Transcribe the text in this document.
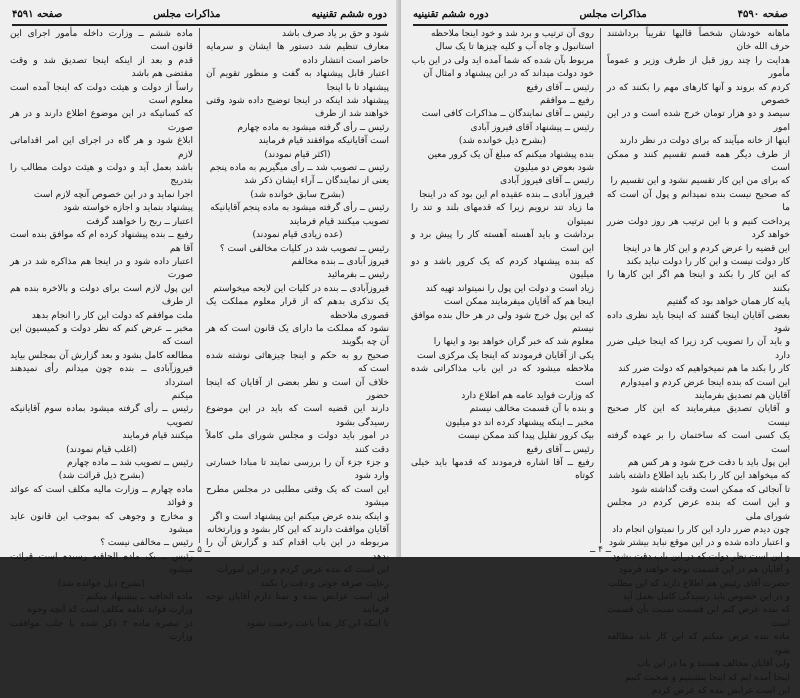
دوره ششم تقنینیه
مذاکرات مجلس
صفحه ۴۵۹۱

شود و حق بر یاد صرف باشد

معارف تنظیم شد دستور ها ایشان و سرمایه حاضر است انتشار داده

اعتبار قابل پیشنهاد به گفت و منظور تقویم آن پیشنهاد تا با اینجا

پیشنهاد شد اینکه در اینجا توضیح داده شود وقتی خواهند شد از طرف

رئیس ــ رأی گرفته میشود به ماده چهارم

است آقایانیکه موافقند قیام فرمایند

(اکثر قیام نمودند)

رئیس ــ تصویب شد ــ رأی میگیریم به ماده پنجم

یعنی از نمایندگان ــ آراء ایشان ذکر شد

(بشرح سابق خوانده شد)

رئیس ــ رأی گرفته میشود به ماده پنجم آقایانیکه

تصویب میکنند قیام فرمایند

(عده زیادی قیام نمودند)

رئیس ــ تصویب شد در کلیات مخالفی است ؟

فیروز آبادی ــ بنده مخالفم

رئیس ــ بفرمائید

فیروزآبادی ــ بنده در کلیات این لایحه میخواستم

یک تذکری بدهم که از قرار معلوم مملکت یک قصوری ملاحظه

نشود که مملکت ما دارای یک قانون است که هر آن چه بگویند

صحیح رو به حکم و اینجا چیزهائی نوشته شده است که

خلاف آن است و نظر بعضی از آقایان که اینجا حضور

دارند این قضیه است که باید در این موضوع رسیدگی بشود

در امور باید دولت و مجلس شورای ملی کاملاً دقت کنند

و جزء جزء آن را بررسی نمایند تا مبادا خسارتی وارد شود

این است که یک وقتی مطلبی در مجلس مطرح میشود

و اینکه بنده عرض میکنم این پیشنهاد است و اگر

آقایان موافقت دارند که این کار بشود و وزارتخانه

مربوطه در این باب اقدام کند و گزارش آن را بدهد

این است که بنده عرض کردم و در این امورات

رعایت صرفه جوئی و دقت را بکنند

این است عرایض بنده و تمنا دارم آقایان توجه فرمایند

تا اینکه این کار بعداً باعث زحمت نشود

ماده ششم ــ وزارت داخله مأمور اجرای این قانون است

قدم و بعد از اینکه اینجا تصدیق شد و وقت مقتضی هم باشد

راساً از دولت و هیئت دولت که اینجا آمده است معلوم است

که کسانیکه در این موضوع اطلاع دارند و در هر صورت

ابلاغ شود و هر گاه در اجرای این امر اقداماتی لازم

باشد بعمل آید و دولت و هیئت دولت مطالب را بتدریج

اجرا نماید و در این خصوص آنچه لازم است

پیشنهاد بنماید و اجازه خواسته شود

اعتبار ــ ربح را خواهند گرفت

رفیع ــ بنده پیشنهاد کرده ام که موافق بنده است آقا هم

اعتبار داده شود و در اینجا هم مذاکره شد در هر صورت

این پول لازم است برای دولت و بالاخره بنده هم از طرف

ملت موافقم که دولت این کار را انجام بدهد

مخبر ــ عرض کنم که نظر دولت و کمیسیون این است که

مطالعه کامل بشود و بعد گزارش آن بمجلس بیاید

فیروزآبادی ــ بنده چون میدانم رأی نمیدهند استرداد

میکنم

رئیس ــ رأی گرفته میشود بماده سوم آقایانیکه تصویب

میکنند قیام فرمایند

(اغلب قیام نمودند)

رئیس ــ تصویب شد ــ ماده چهارم

(بشرح ذیل قرائت شد)

ماده چهارم ــ وزارت مالیه مکلف است که عوائد و فوائد

و مخارج و وجوهی که بموجب این قانون عاید میشود

رئیس ــ مخالفی نیست ؟

رئیس ــ یک ماده الحاقیه رسیده است قرائت میشود

(بشرح ذیل خوانده شد)

ماده الحاقیه ــ پیشنهاد میکنم :

وزارت فواید عامه مکلف است که آنچه وجوه

در تبصره ماده ۲ ذکر شده با جلب موافقت وزارت

ــ ۵ ــ
صفحه ۴۵۹۰
مذاکرات مجلس
دوره ششم تقنینیه

ماهانه خودشان شخصاً قالیها تقریباً برداشتند حرف الله خان

هدایت را چند روز قبل از طرف وزیر و عموماً مأمور

کردم که بروند و آنها کارهای مهم را بکنند که در خصوص

سیصد و دو هزار تومان خرج شده است و در این امور

اینها از خانه میآیند که برای دولت در نظر دارند

از طرف دیگر همه قسم تقسیم کنند و ممکن است

که برای من این کار تقسیم نشود و این تقسیم را

که صحیح نیست بنده نمیدانم و پول آن است که ما

پرداخت کنیم و با این ترتیب هر روز دولت ضرر خواهد کرد

این قضیه را عرض کردم و این کار ها در اینجا

کار دولت نیست و این کار را دولت نباید بکند

که این کار را بکند و اینجا هم اگر این کارها را بکنند

پایه کار همان خواهد بود که گفتیم

بعضی آقایان اینجا گفتند که اینجا باید نظری داده شود

و باید آن را تصویب کرد زیرا که اینجا خیلی ضرر دارد

کار را بکند ما هم نمیخواهیم که دولت ضرر کند

این است که بنده اینجا عرض کردم و امیدوارم

آقایان هم تصدیق بفرمایند

و آقایان تصدیق میفرمایند که این کار صحیح نیست

یک کسی است که ساختمان را بر عهده گرفته است

این پول باید با دقت خرج شود و هر کس هم

که میخواهد این کار را بکند باید اطلاع داشته باشد

تا آنجائی که ممکن است وقت گذاشته شود

و این است که بنده عرض کردم در مجلس شورای ملی

چون دیدم ضرر دارد این کار را نمیتوان انجام داد

و اعتبار داده شده و در این موقع نباید بیشتر شود

و این است نظر دولت که در این باب دقت بشود

و آقایان هم در این قسمت توجه خواهند فرمود

حضرت آقای رئیس هم اطلاع دارند که این مطلب

و در این خصوص باید رسیدگی کامل بعمل آید

که بنده عرض کنم این قسمت نسبت بآن قسمت است

ماده بنده عرض میکنم که این کار باید مطالعه شود

ولی آقایان مخالف هستند و ما در این باب

اینجا آمده ایم که اینجا بنشینیم و صحبت کنیم

این است عرایض بنده که عرض کردم

روی آن ترتیب و برد شد و خود اینجا ملاحظه

استانبول و چاه آب و کلیه چیزها تا یک سال

مربوط بآن شده که شما آمده اید ولی در این باب

خود دولت میداند که در این پیشنهاد و امثال آن

رئیس ــ آقای رفیع

رفیع ــ موافقم

رئیس ــ آقای نمایندگان ــ مذاکرات کافی است

رئیس ــ پیشنهاد آقای فیروز آبادی

(بشرح ذیل خوانده شد)

بنده پیشنهاد میکنم که مبلغ آن یک کرور معین

شود بعوض دو میلیون

رئیس ــ آقای فیروز آبادی

فیروز آبادی ــ بنده عقیده ام این بود که در اینجا

ما زیاد تند نرویم زیرا که قدمهای بلند و تند را نمیتوان

برداشت و باید آهسته آهسته کار را پیش برد و این است

که بنده پیشنهاد کردم که یک کرور باشد و دو میلیون

زیاد است و دولت این پول را نمیتواند تهیه کند

اینجا هم که آقایان میفرمایند ممکن است

که این پول خرج شود ولی در هر حال بنده موافق نیستم

معلوم شد که خبر گران خواهد بود و اینها را

یکی از آقایان فرمودند که اینجا یک مرکزی است

ملاحظه میشود که در این باب مذاکراتی شده است

که وزارت فواید عامه هم اطلاع دارد

و بنده با آن قسمت مخالف نیستم

مخبر ــ اینکه پیشنهاد کرده اند دو میلیون

بیک کرور تقلیل پیدا کند ممکن نیست

رئیس ــ آقای رفیع

رفیع ــ آقا اشاره فرمودند که قدمها باید خیلی کوتاه

ــ ۴ ــ
